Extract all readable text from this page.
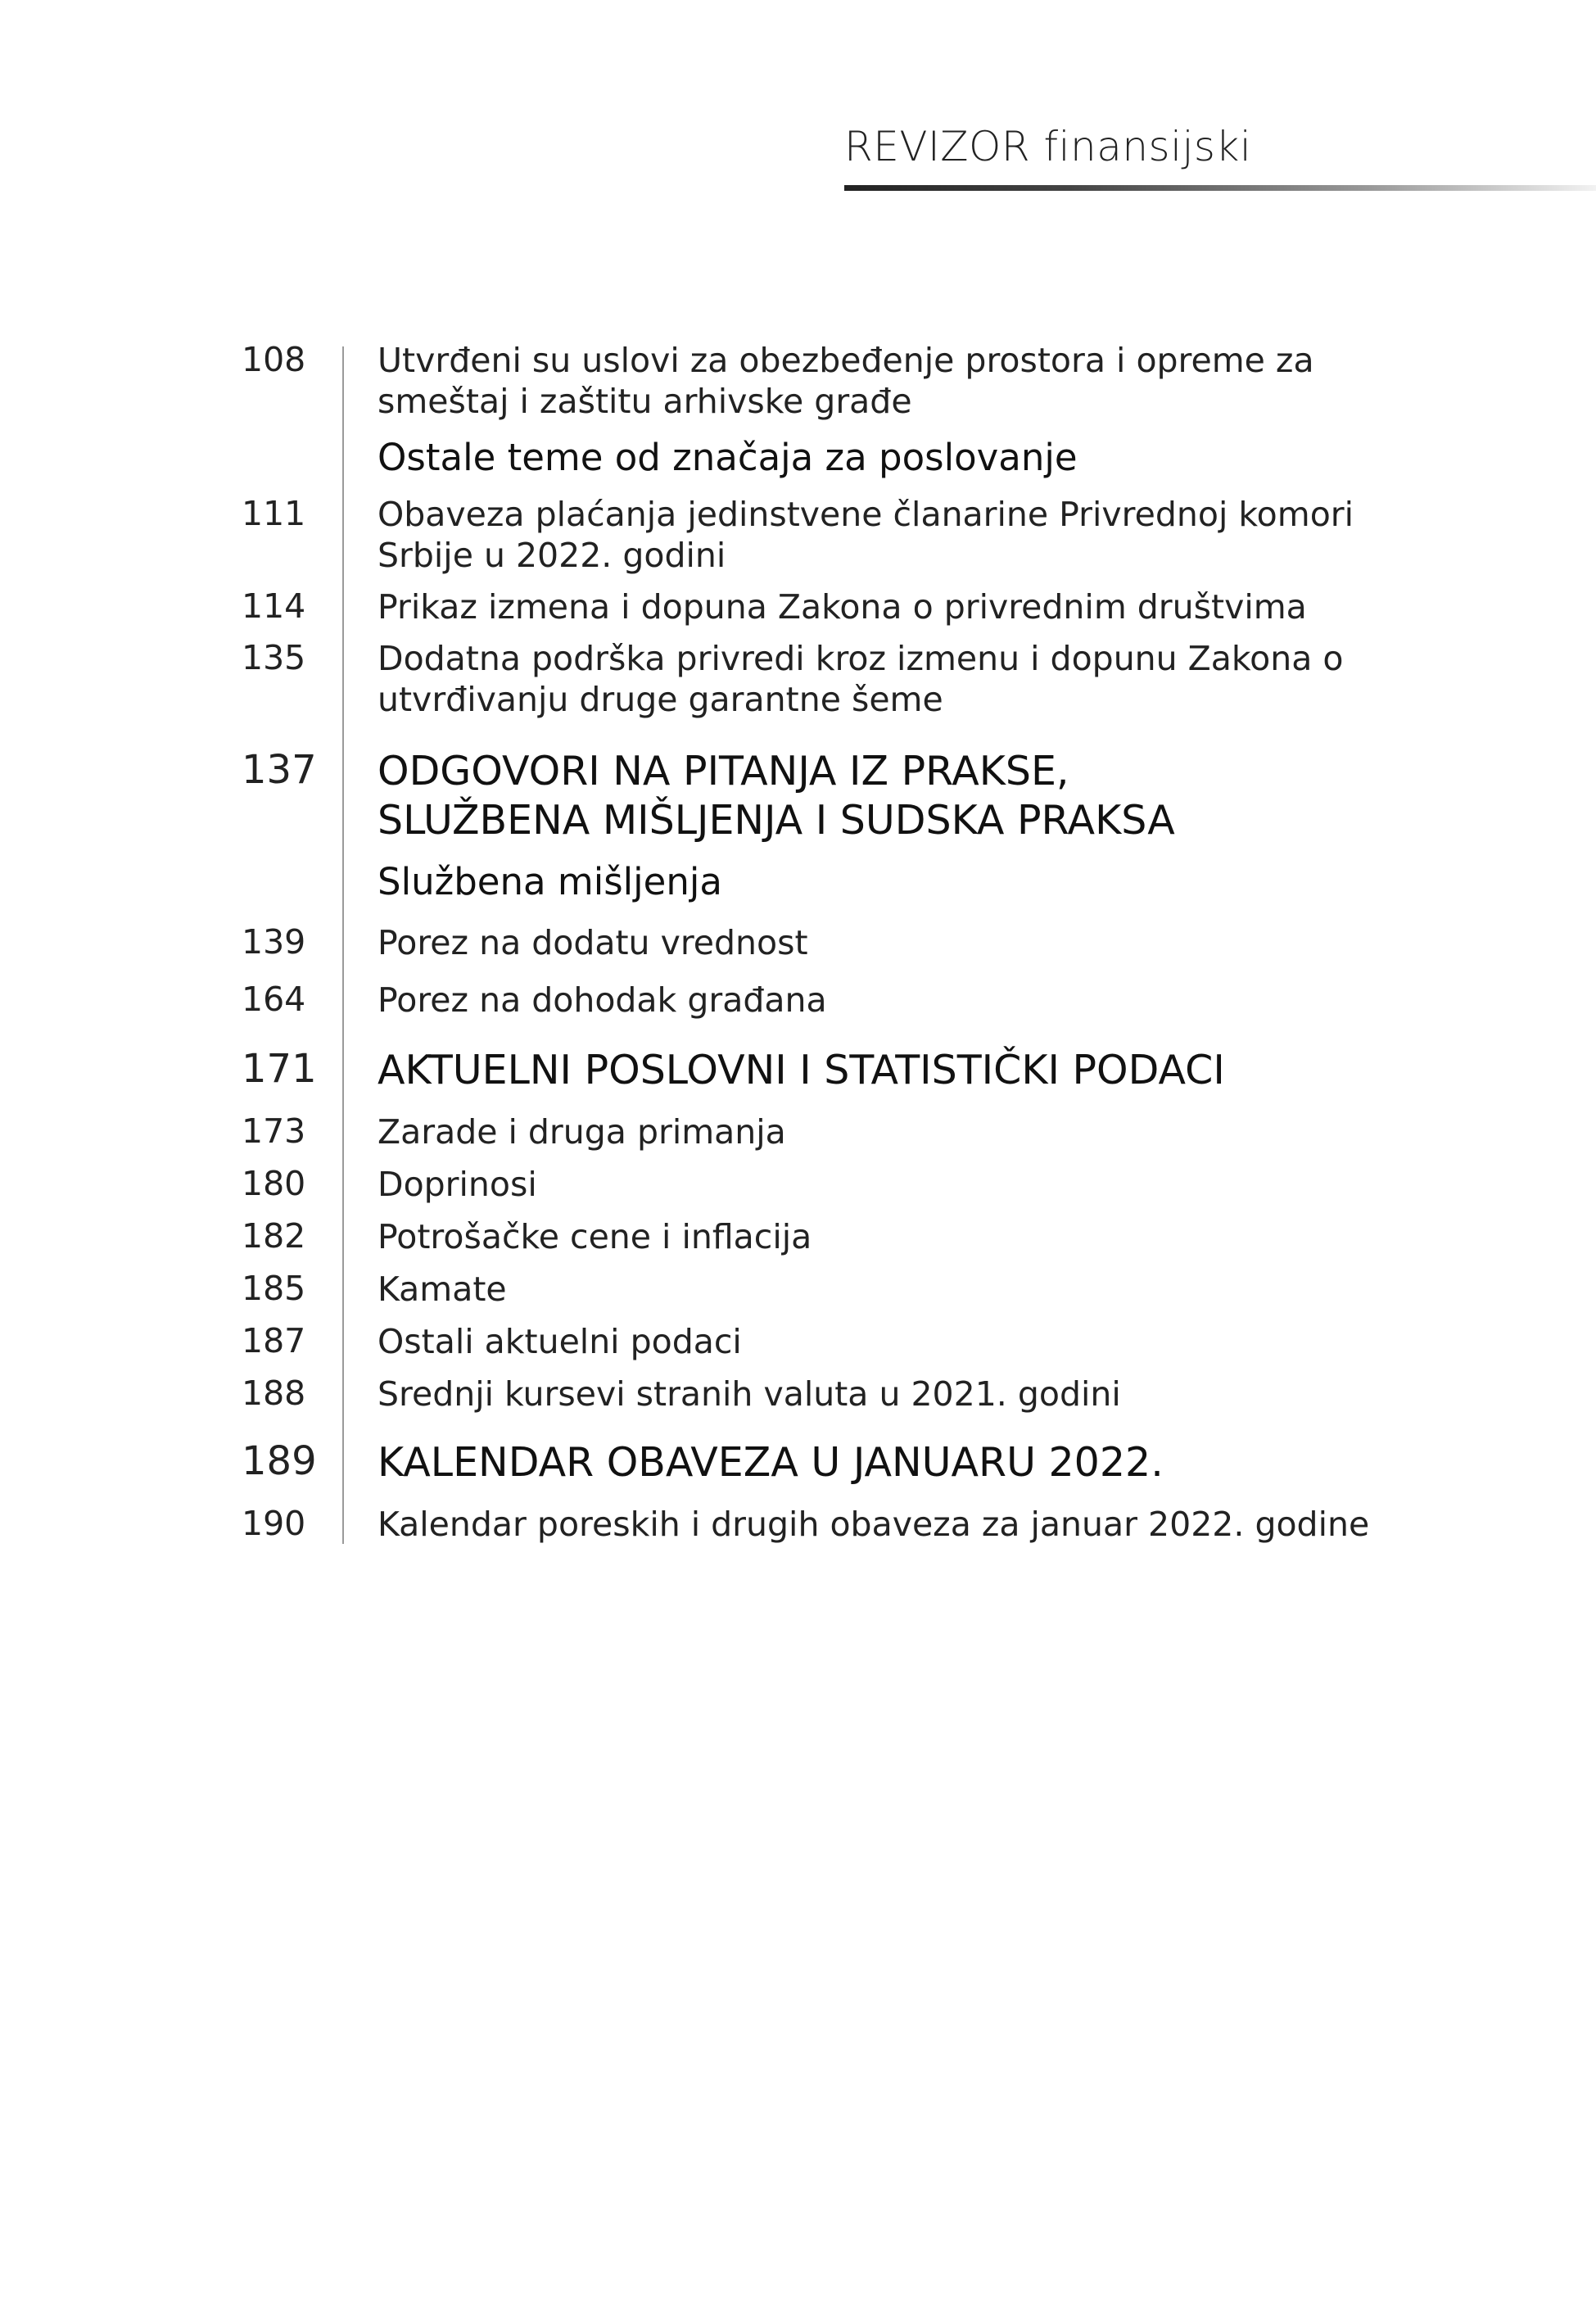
REVIZOR finansijski
108 Utvrđeni su uslovi za obezbeđenje prostora i opreme za smeštaj i zaštitu arhivske građe
Ostale teme od značaja za poslovanje
111 Obaveza plaćanja jedinstvene članarine Privrednoj komori Srbije u 2022. godini
114 Prikaz izmena i dopuna Zakona o privrednim društvima
135 Dodatna podrška privredi kroz izmenu i dopunu Zakona o utvrđivanju druge garantne šeme
137 ODGOVORI NA PITANJA IZ PRAKSE,
SLUŽBENA MIŠLJENJA I SUDSKA PRAKSA
Službena mišljenja
139 Porez na dodatu vrednost
164 Porez na dohodak građana
171 AKTUELNI POSLOVNI I STATISTIČKI PODACI
173 Zarade i druga primanja
180 Doprinosi
182 Potrošačke cene i inflacija
185 Kamate
187 Ostali aktuelni podaci
188 Srednji kursevi stranih valuta u 2021. godini
189 KALENDAR OBAVEZA U JANUARU 2022.
190 Kalendar poreskih i drugih obaveza za januar 2022. godine
